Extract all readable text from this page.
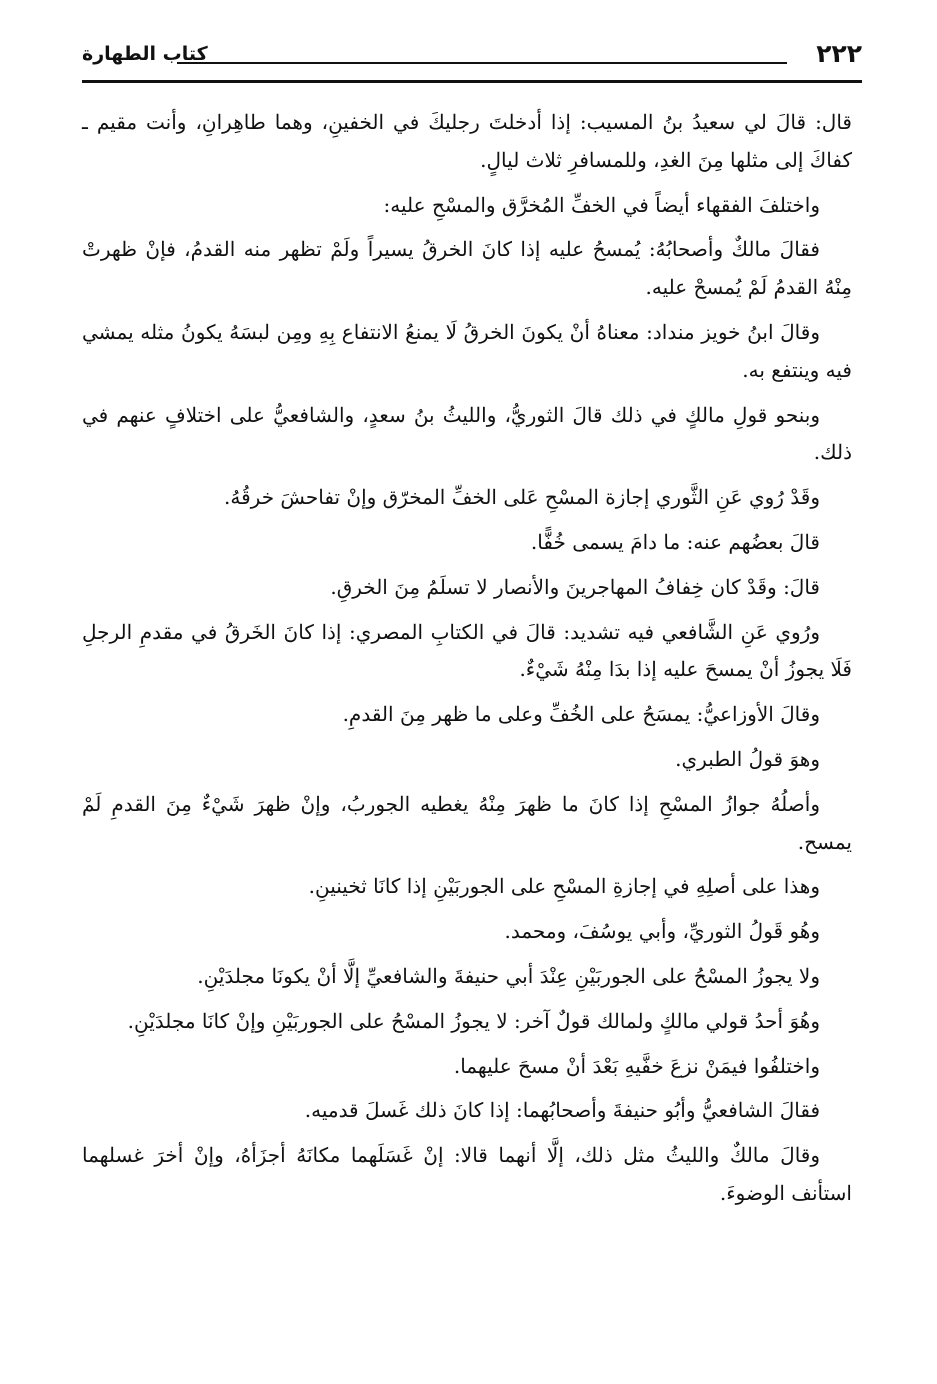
٢٢٢
كتاب الطهارة

قال: قالَ لي سعيدُ بنُ المسيب: إذا أدخلتَ رجليكَ في الخفينِ، وهما طاهِرانِ، وأنت مقيم ـ كفاكَ إلى مثلها مِنَ الغدِ، وللمسافرِ ثلاث ليالٍ.

واختلفَ الفقهاء أيضاً في الخفِّ المُخرَّق والمسْحِ عليه:

فقالَ مالكٌ وأصحابُهُ: يُمسحُ عليه إذا كانَ الخرقُ يسيراً ولَمْ تظهر منه القدمُ، فإنْ ظهرتْ مِنْهُ القدمُ لَمْ يُمسحْ عليه.

وقالَ ابنُ خويز منداد: معناهُ أنْ يكونَ الخرقُ لَا يمنعُ الانتفاع بِهِ ومِن لبسَهُ يكونُ مثله يمشي فيه وينتفع به.

وبنحو قولِ مالكٍ في ذلك قالَ الثوريُّ، والليثُ بنُ سعدٍ، والشافعيُّ على اختلافٍ عنهم في ذلك.

وقَدْ رُوي عَنِ الثَّوري إجازة المسْحِ عَلى الخفِّ المخرّق وإنْ تفاحشَ خرقُهُ.

قالَ بعضُهم عنه: ما دامَ يسمى خُفًّا.

قالَ: وقَدْ كان خِفافُ المهاجرينَ والأنصار لا تسلَمُ مِنَ الخرقِ.

ورُوي عَنِ الشَّافعي فيه تشديد: قالَ في الكتابِ المصري: إذا كانَ الخَرقُ في مقدمِ الرجلِ فَلَا يجوزُ أنْ يمسحَ عليه إذا بدَا مِنْهُ شَيْءٌ.

وقالَ الأوزاعيُّ: يمسَحُ على الخُفِّ وعلى ما ظهر مِنَ القدمِ.

وهوَ قولُ الطبري.

وأصلُهُ جوازُ المسْحِ إذا كانَ ما ظهرَ مِنْهُ يغطيه الجوربُ، وإنْ ظهرَ شَيْءٌ مِنَ القدمِ لَمْ يمسح.

وهذا على أصلِهِ في إجازةِ المسْحِ على الجوربَيْنِ إذا كانَا ثخينينِ.

وهُو قَولُ الثوريِّ، وأبي يوسُفَ، ومحمد.

ولا يجوزُ المسْحُ على الجوربَيْنِ عِنْدَ أبي حنيفةَ والشافعيِّ إلَّا أنْ يكونَا مجلدَيْنِ.

وهُوَ أحدُ قولي مالكٍ ولمالك قولٌ آخر: لا يجوزُ المسْحُ على الجوربَيْنِ وإنْ كانَا مجلدَيْنِ.

واختلفُوا فيمَنْ نزعَ خفَّيهِ بَعْدَ أنْ مسحَ عليهما.

فقالَ الشافعيُّ وأبُو حنيفةَ وأصحابُهما: إذا كانَ ذلك غَسلَ قدميه.

وقالَ مالكٌ والليثُ مثل ذلك، إلَّا أنهما قالا: إنْ غَسَلَهما مكانَهُ أجزَأهُ، وإنْ أخرَ غسلهما استأنف الوضوءَ.
